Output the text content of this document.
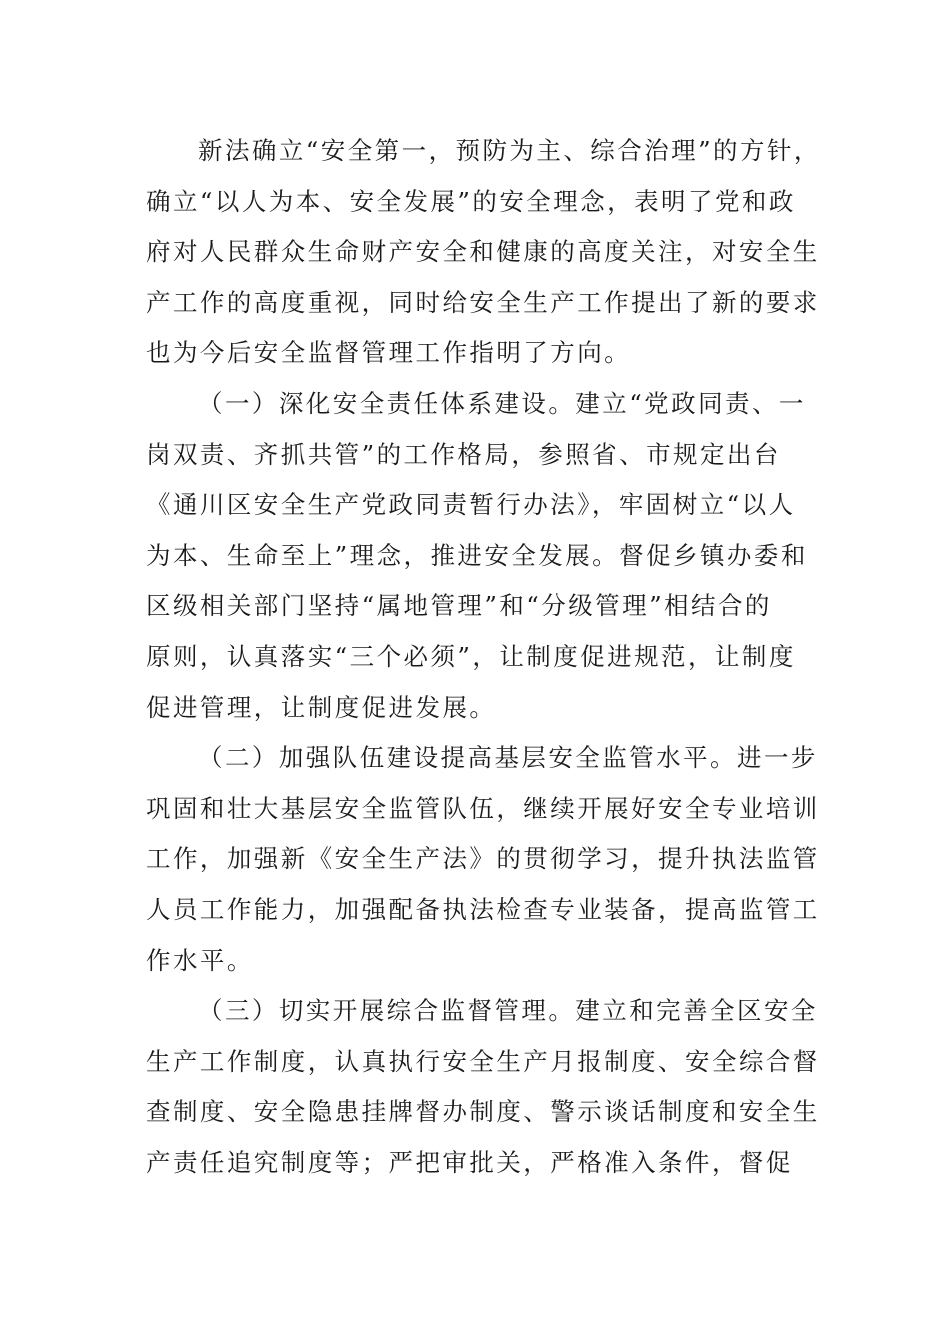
新法确立“安全第一，预防为主、综合治理”的方针，
确立“以人为本、安全发展”的安全理念，表明了党和政
府对人民群众生命财产安全和健康的高度关注，对安全生
产工作的高度重视，同时给安全生产工作提出了新的要求
也为今后安全监督管理工作指明了方向。
（一）深化安全责任体系建设。建立“党政同责、一
岗双责、齐抓共管”的工作格局，参照省、市规定出台
《通川区安全生产党政同责暂行办法》，牢固树立“以人
为本、生命至上”理念，推进安全发展。督促乡镇办委和
区级相关部门坚持“属地管理”和“分级管理”相结合的
原则，认真落实“三个必须”，让制度促进规范，让制度
促进管理，让制度促进发展。
（二）加强队伍建设提高基层安全监管水平。进一步
巩固和壮大基层安全监管队伍，继续开展好安全专业培训
工作，加强新《安全生产法》的贯彻学习，提升执法监管
人员工作能力，加强配备执法检查专业装备，提高监管工
作水平。
（三）切实开展综合监督管理。建立和完善全区安全
生产工作制度，认真执行安全生产月报制度、安全综合督
查制度、安全隐患挂牌督办制度、警示谈话制度和安全生
产责任追究制度等；严把审批关，严格准入条件，督促
